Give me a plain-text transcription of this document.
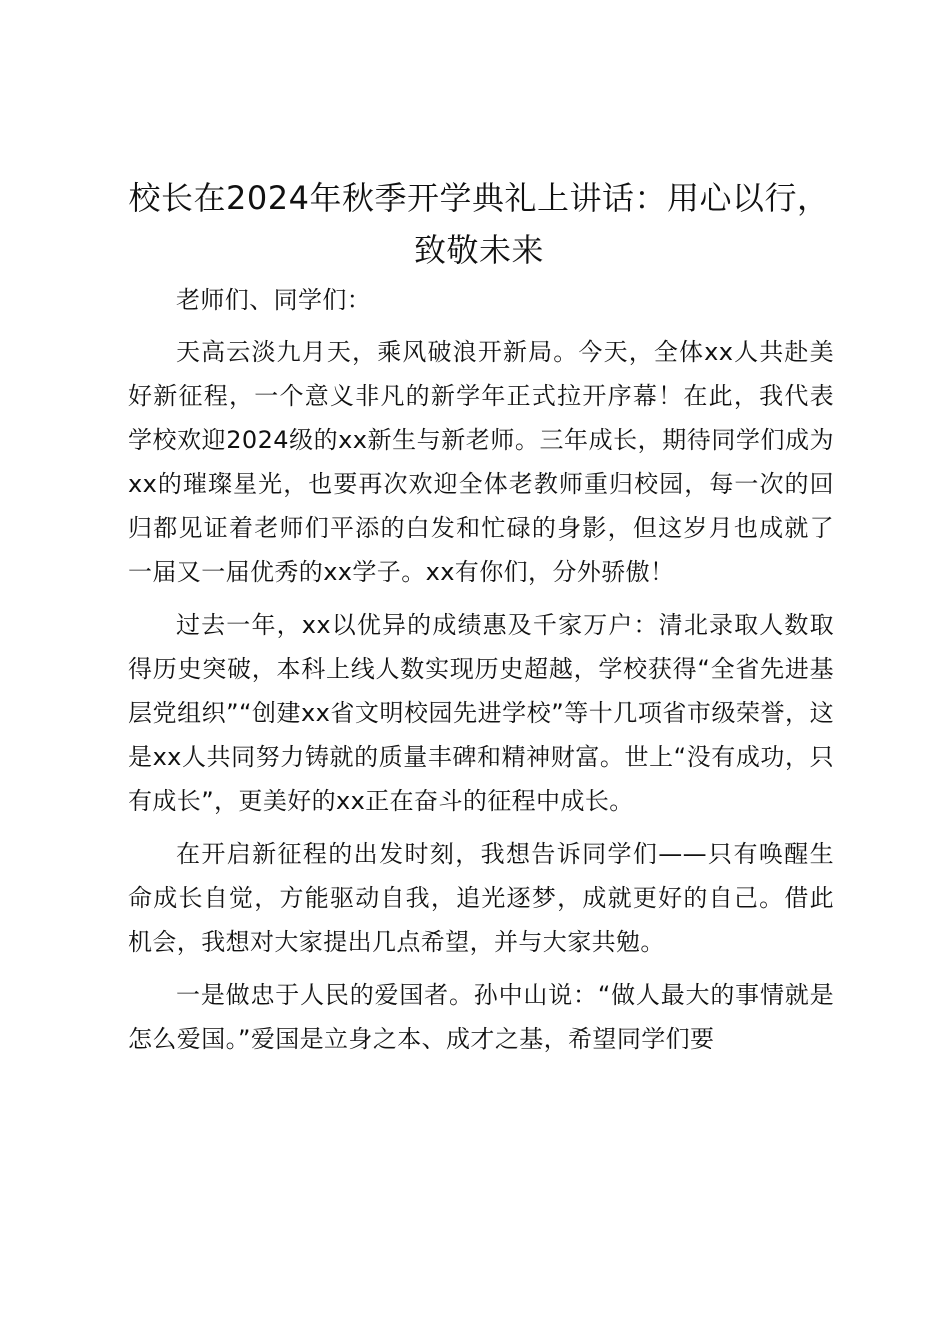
校长在2024年秋季开学典礼上讲话：用心以行，致敬未来

老师们、同学们：

天高云淡九月天，乘风破浪开新局。今天，全体xx人共赴美好新征程，一个意义非凡的新学年正式拉开序幕！在此，我代表学校欢迎2024级的xx新生与新老师。三年成长，期待同学们成为xx的璀璨星光，也要再次欢迎全体老教师重归校园，每一次的回归都见证着老师们平添的白发和忙碌的身影，但这岁月也成就了一届又一届优秀的xx学子。xx有你们，分外骄傲！

过去一年，xx以优异的成绩惠及千家万户：清北录取人数取得历史突破，本科上线人数实现历史超越，学校获得“全省先进基层党组织”“创建xx省文明校园先进学校”等十几项省市级荣誉，这是xx人共同努力铸就的质量丰碑和精神财富。世上“没有成功，只有成长”，更美好的xx正在奋斗的征程中成长。

在开启新征程的出发时刻，我想告诉同学们——只有唤醒生命成长自觉，方能驱动自我，追光逐梦，成就更好的自己。借此机会，我想对大家提出几点希望，并与大家共勉。

一是做忠于人民的爱国者。孙中山说：“做人最大的事情就是怎么爱国。”爱国是立身之本、成才之基，希望同学们要
